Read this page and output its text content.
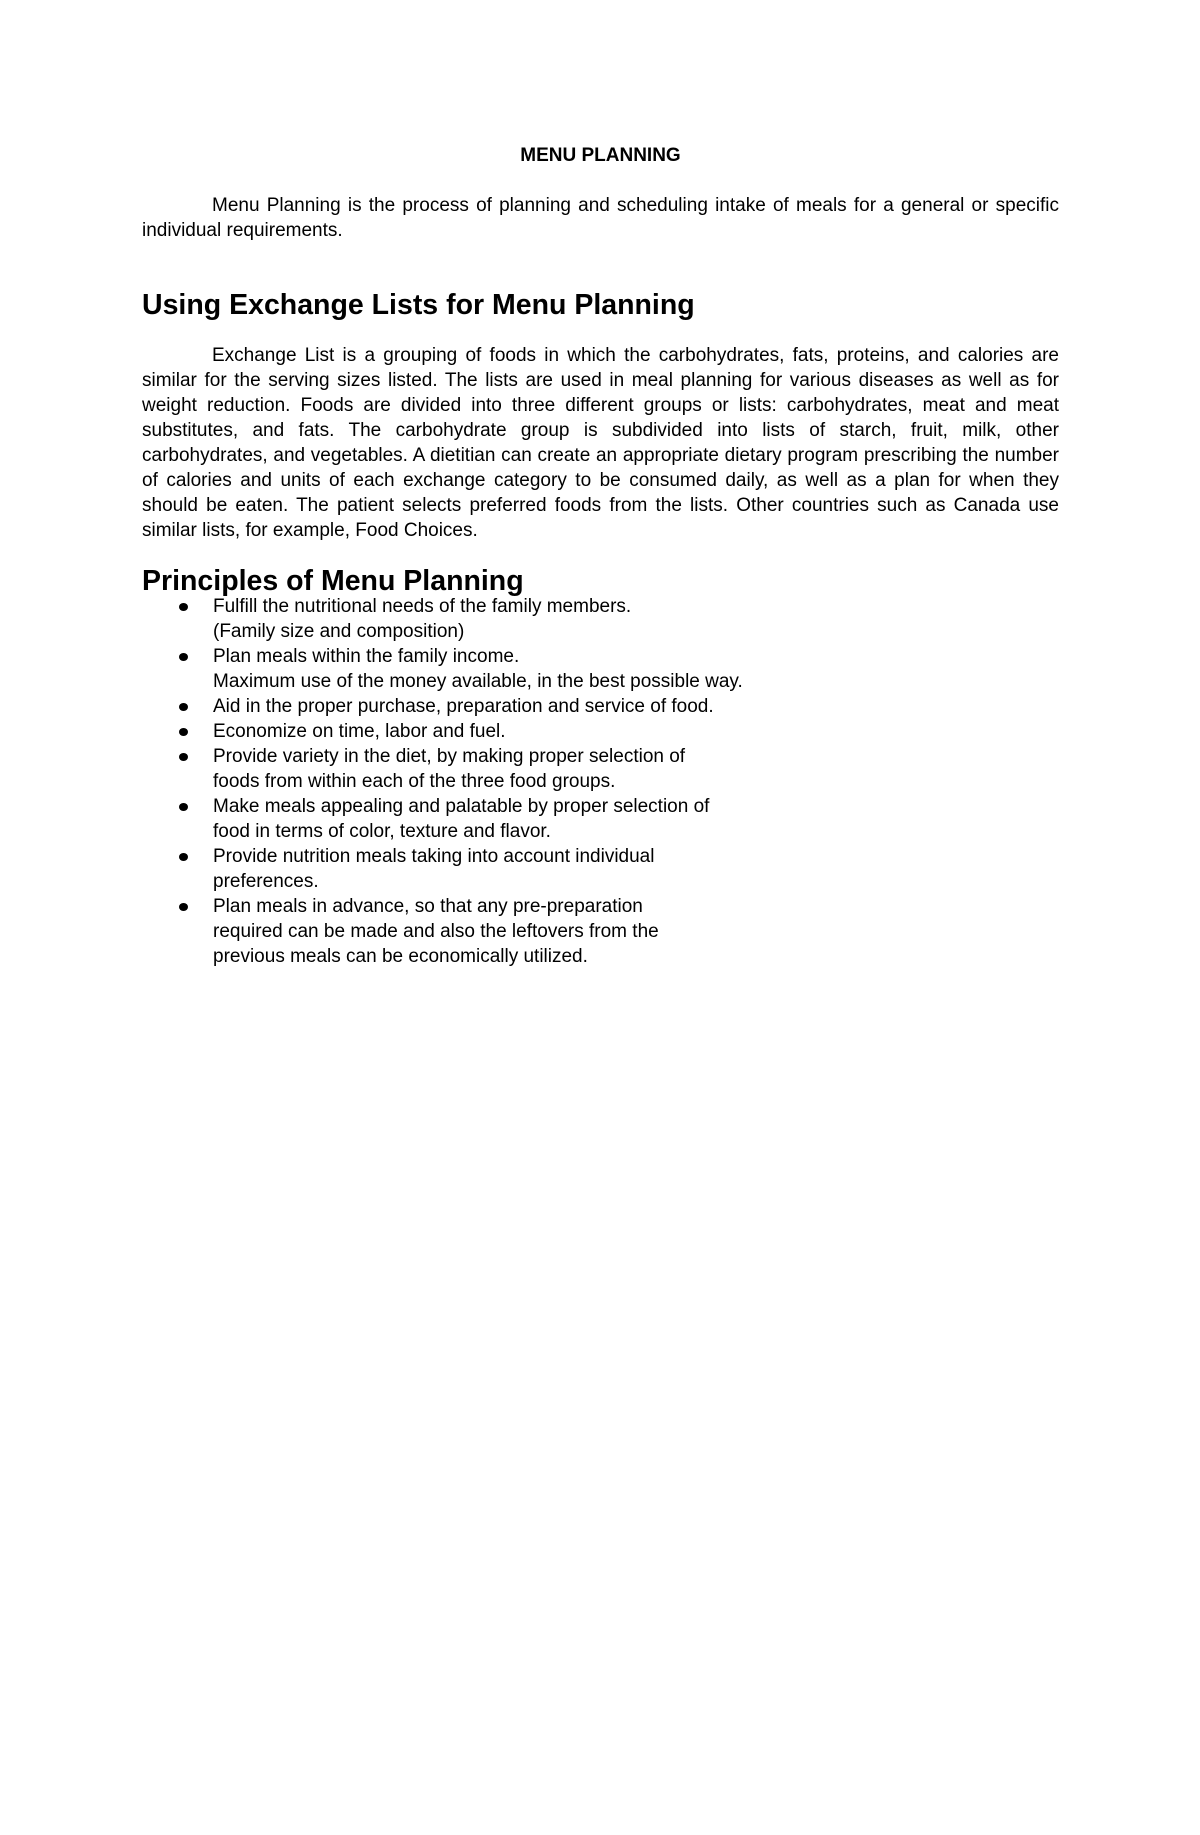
MENU PLANNING

Menu Planning is the process of planning and scheduling intake of meals for a general or specific individual requirements.

Using Exchange Lists for Menu Planning

Exchange List is a grouping of foods in which the carbohydrates, fats, proteins, and calories are similar for the serving sizes listed. The lists are used in meal planning for various diseases as well as for weight reduction. Foods are divided into three different groups or lists: carbohydrates, meat and meat substitutes, and fats. The carbohydrate group is subdivided into lists of starch, fruit, milk, other carbohydrates, and vegetables. A dietitian can create an appropriate dietary program prescribing the number of calories and units of each exchange category to be consumed daily, as well as a plan for when they should be eaten. The patient selects preferred foods from the lists. Other countries such as Canada use similar lists, for example, Food Choices.

Principles of Menu Planning
Fulfill the nutritional needs of the family members.
(Family size and composition)
Plan meals within the family income.
Maximum use of the money available, in the best possible way.
Aid in the proper purchase, preparation and service of food.
Economize on time, labor and fuel.
Provide variety in the diet, by making proper selection of
foods from within each of the three food groups.
Make meals appealing and palatable by proper selection of
food in terms of color, texture and flavor.
Provide nutrition meals taking into account individual
preferences.
Plan meals in advance, so that any pre-preparation
required can be made and also the leftovers from the
previous meals can be economically utilized.
